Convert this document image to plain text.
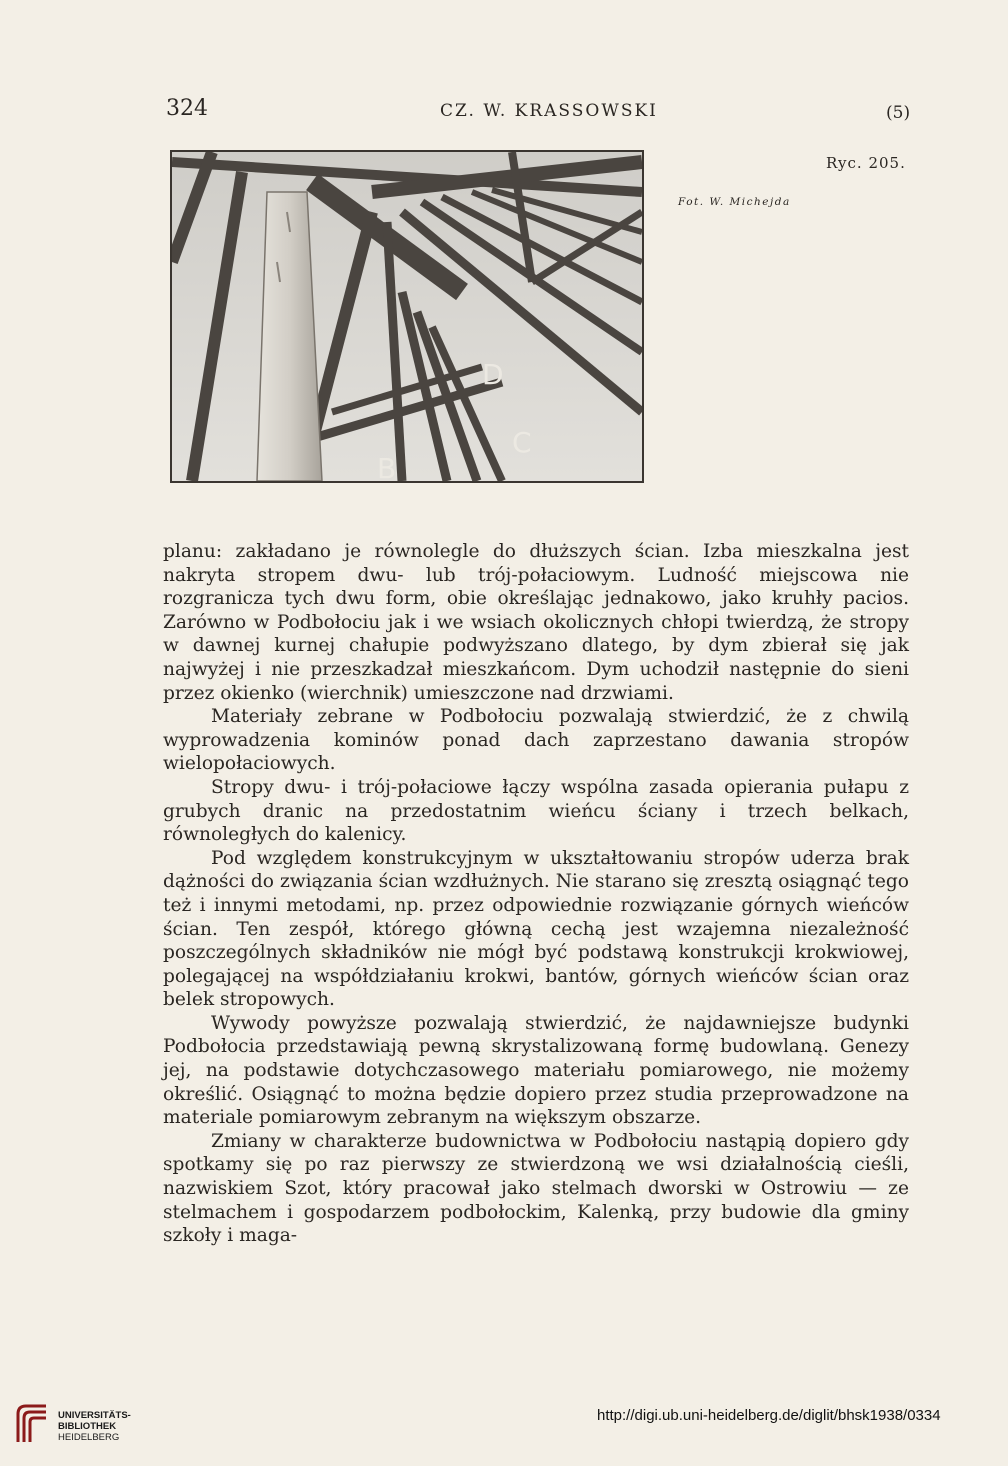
324	CZ. W. KRASSOWSKI	(5)
D
C
B
Ryc. 205.
Fot. W. Michejda

planu: zakładano je równolegle do dłuższych ścian. Izba mieszkalna jest nakryta stropem dwu- lub trój-połaciowym. Ludność miejscowa nie rozgranicza tych dwu form, obie określając jednakowo, jako kruhły pacios. Zarówno w Podbołociu jak i we wsiach okolicznych chłopi twierdzą, że stropy w dawnej kurnej chałupie podwyższano dlatego, by dym zbierał się jak najwyżej i nie przeszkadzał mieszkańcom. Dym uchodził następnie do sieni przez okienko (wierchnik) umieszczone nad drzwiami.

Materiały zebrane w Podbołociu pozwalają stwierdzić, że z chwilą wyprowadzenia kominów ponad dach zaprzestano dawania stropów wielopołaciowych.

Stropy dwu- i trój-połaciowe łączy wspólna zasada opierania pułapu z grubych dranic na przedostatnim wieńcu ściany i trzech belkach, równoległych do kalenicy.

Pod względem konstrukcyjnym w ukształtowaniu stropów uderza brak dążności do związania ścian wzdłużnych. Nie starano się zresztą osiągnąć tego też i innymi metodami, np. przez odpowiednie rozwiązanie górnych wieńców ścian. Ten zespół, którego główną cechą jest wzajemna niezależność poszczególnych składników nie mógł być podstawą konstrukcji krokwiowej, polegającej na współdziałaniu krokwi, bantów, górnych wieńców ścian oraz belek stropowych.

Wywody powyższe pozwalają stwierdzić, że najdawniejsze budynki Podbołocia przedstawiają pewną skrystalizowaną formę budowlaną. Genezy jej, na podstawie dotychczasowego materiału pomiarowego, nie możemy określić. Osiągnąć to można będzie dopiero przez studia przeprowadzone na materiale pomiarowym zebranym na większym obszarze.

Zmiany w charakterze budownictwa w Podbołociu nastąpią dopiero gdy spotkamy się po raz pierwszy ze stwierdzoną we wsi działalnością cieśli, nazwiskiem Szot, który pracował jako stelmach dworski w Ostrowiu — ze stelmachem i gospodarzem podbołockim, Kalenką, przy budowie dla gminy szkoły i maga-

UNIVERSITÄTS-
BIBLIOTHEK
HEIDELBERG
http://digi.ub.uni-heidelberg.de/diglit/bhsk1938/0334
